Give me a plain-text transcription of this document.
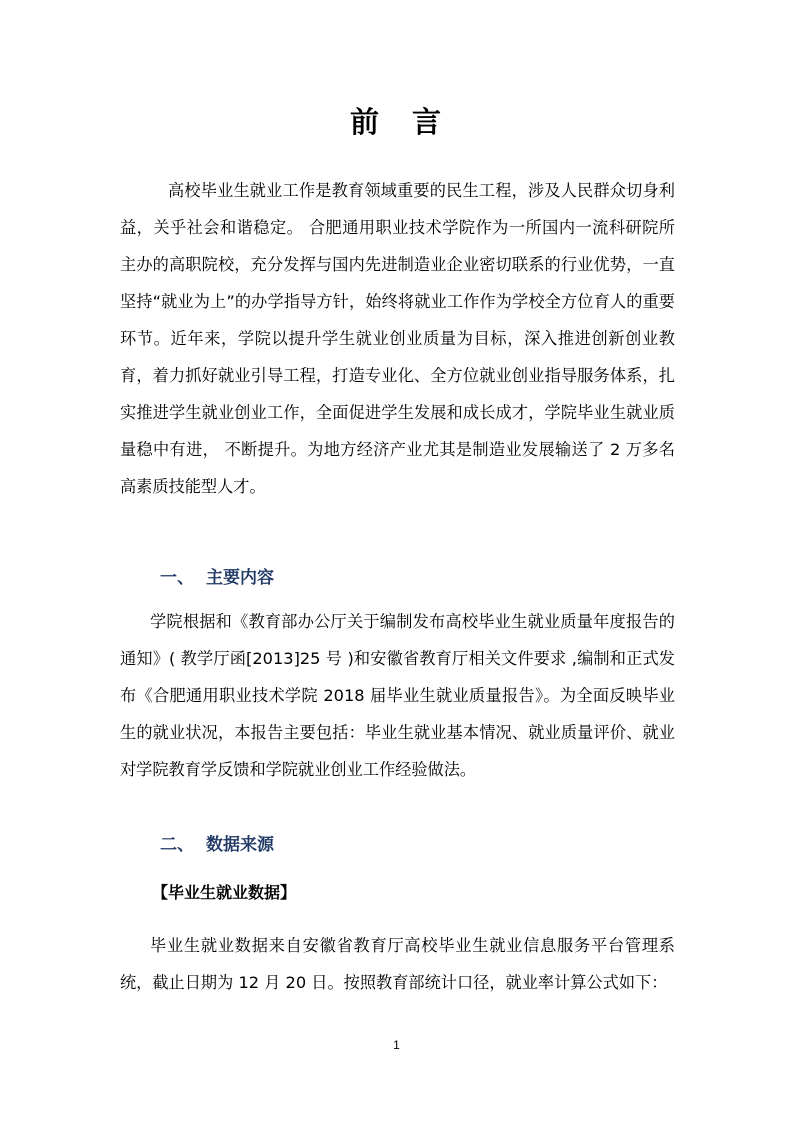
前　言

高校毕业生就业工作是教育领域重要的民生工程，涉及人民群众切身利益，关乎社会和谐稳定。 合肥通用职业技术学院作为一所国内一流科研院所主办的高职院校，充分发挥与国内先进制造业企业密切联系的行业优势，一直坚持“就业为上”的办学指导方针，始终将就业工作作为学校全方位育人的重要环节。近年来，学院以提升学生就业创业质量为目标，深入推进创新创业教育，着力抓好就业引导工程，打造专业化、全方位就业创业指导服务体系，扎实推进学生就业创业工作，全面促进学生发展和成长成才，学院毕业生就业质量稳中有进， 不断提升。为地方经济产业尤其是制造业发展输送了 2 万多名高素质技能型人才。

一、 主要内容

学院根据和《教育部办公厅关于编制发布高校毕业生就业质量年度报告的通知》( 教学厅函[2013]25 号 )和安徽省教育厅相关文件要求 ,编制和正式发布《合肥通用职业技术学院 2018 届毕业生就业质量报告》。为全面反映毕业生的就业状况，本报告主要包括：毕业生就业基本情况、就业质量评价、就业对学院教育学反馈和学院就业创业工作经验做法。

二、 数据来源
【毕业生就业数据】

毕业生就业数据来自安徽省教育厅高校毕业生就业信息服务平台管理系统，截止日期为 12 月 20 日。按照教育部统计口径，就业率计算公式如下：

1
